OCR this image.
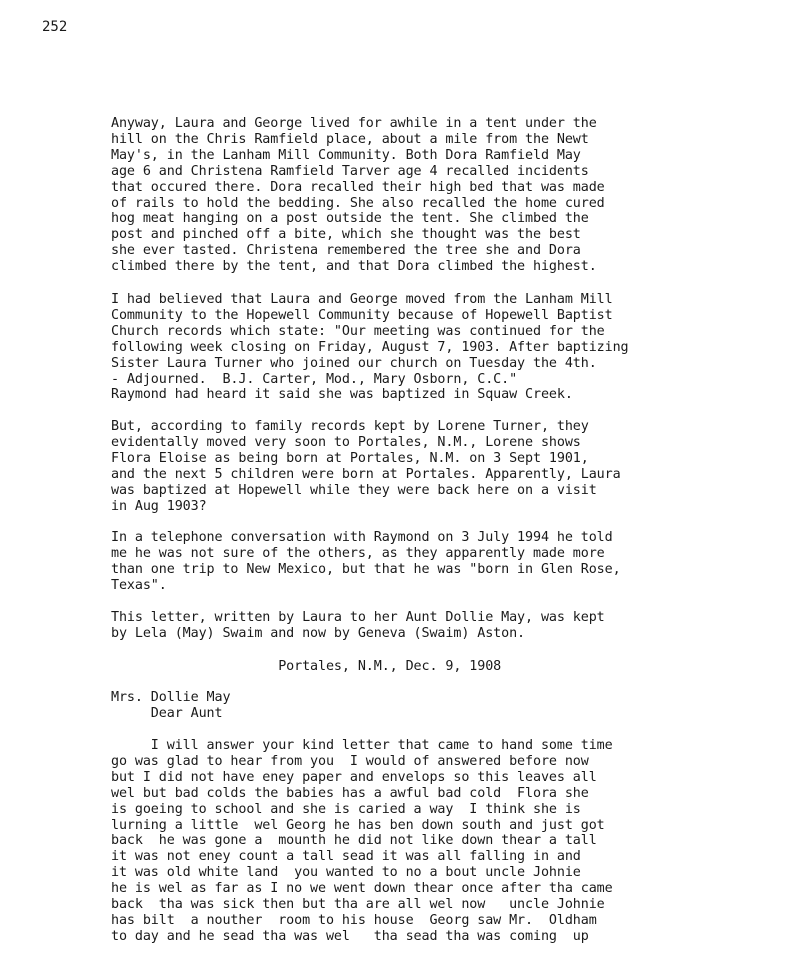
252
Anyway, Laura and George lived for awhile in a tent under the
hill on the Chris Ramfield place, about a mile from the Newt
May's, in the Lanham Mill Community. Both Dora Ramfield May
age 6 and Christena Ramfield Tarver age 4 recalled incidents
that occured there. Dora recalled their high bed that was made
of rails to hold the bedding. She also recalled the home cured
hog meat hanging on a post outside the tent. She climbed the
post and pinched off a bite, which she thought was the best
she ever tasted. Christena remembered the tree she and Dora
climbed there by the tent, and that Dora climbed the highest.
I had believed that Laura and George moved from the Lanham Mill
Community to the Hopewell Community because of Hopewell Baptist
Church records which state: "Our meeting was continued for the
following week closing on Friday, August 7, 1903. After baptizing
Sister Laura Turner who joined our church on Tuesday the 4th.
- Adjourned.  B.J. Carter, Mod., Mary Osborn, C.C."
Raymond had heard it said she was baptized in Squaw Creek.
But, according to family records kept by Lorene Turner, they
evidentally moved very soon to Portales, N.M., Lorene shows
Flora Eloise as being born at Portales, N.M. on 3 Sept 1901,
and the next 5 children were born at Portales. Apparently, Laura
was baptized at Hopewell while they were back here on a visit
in Aug 1903?
In a telephone conversation with Raymond on 3 July 1994 he told
me he was not sure of the others, as they apparently made more
than one trip to New Mexico, but that he was "born in Glen Rose,
Texas".
This letter, written by Laura to her Aunt Dollie May, was kept
by Lela (May) Swaim and now by Geneva (Swaim) Aston.
Portales, N.M., Dec. 9, 1908
Mrs. Dollie May
Dear Aunt
I will answer your kind letter that came to hand some time
go was glad to hear from you  I would of answered before now
but I did not have eney paper and envelops so this leaves all
wel but bad colds the babies has a awful bad cold  Flora she
is goeing to school and she is caried a way  I think she is
lurning a little  wel Georg he has ben down south and just got
back  he was gone a  mounth he did not like down thear a tall
it was not eney count a tall sead it was all falling in and
it was old white land  you wanted to no a bout uncle Johnie
he is wel as far as I no we went down thear once after tha came
back  tha was sick then but tha are all wel now   uncle Johnie
has bilt  a nouther  room to his house  Georg saw Mr.  Oldham
to day and he sead tha was wel   tha sead tha was coming  up
